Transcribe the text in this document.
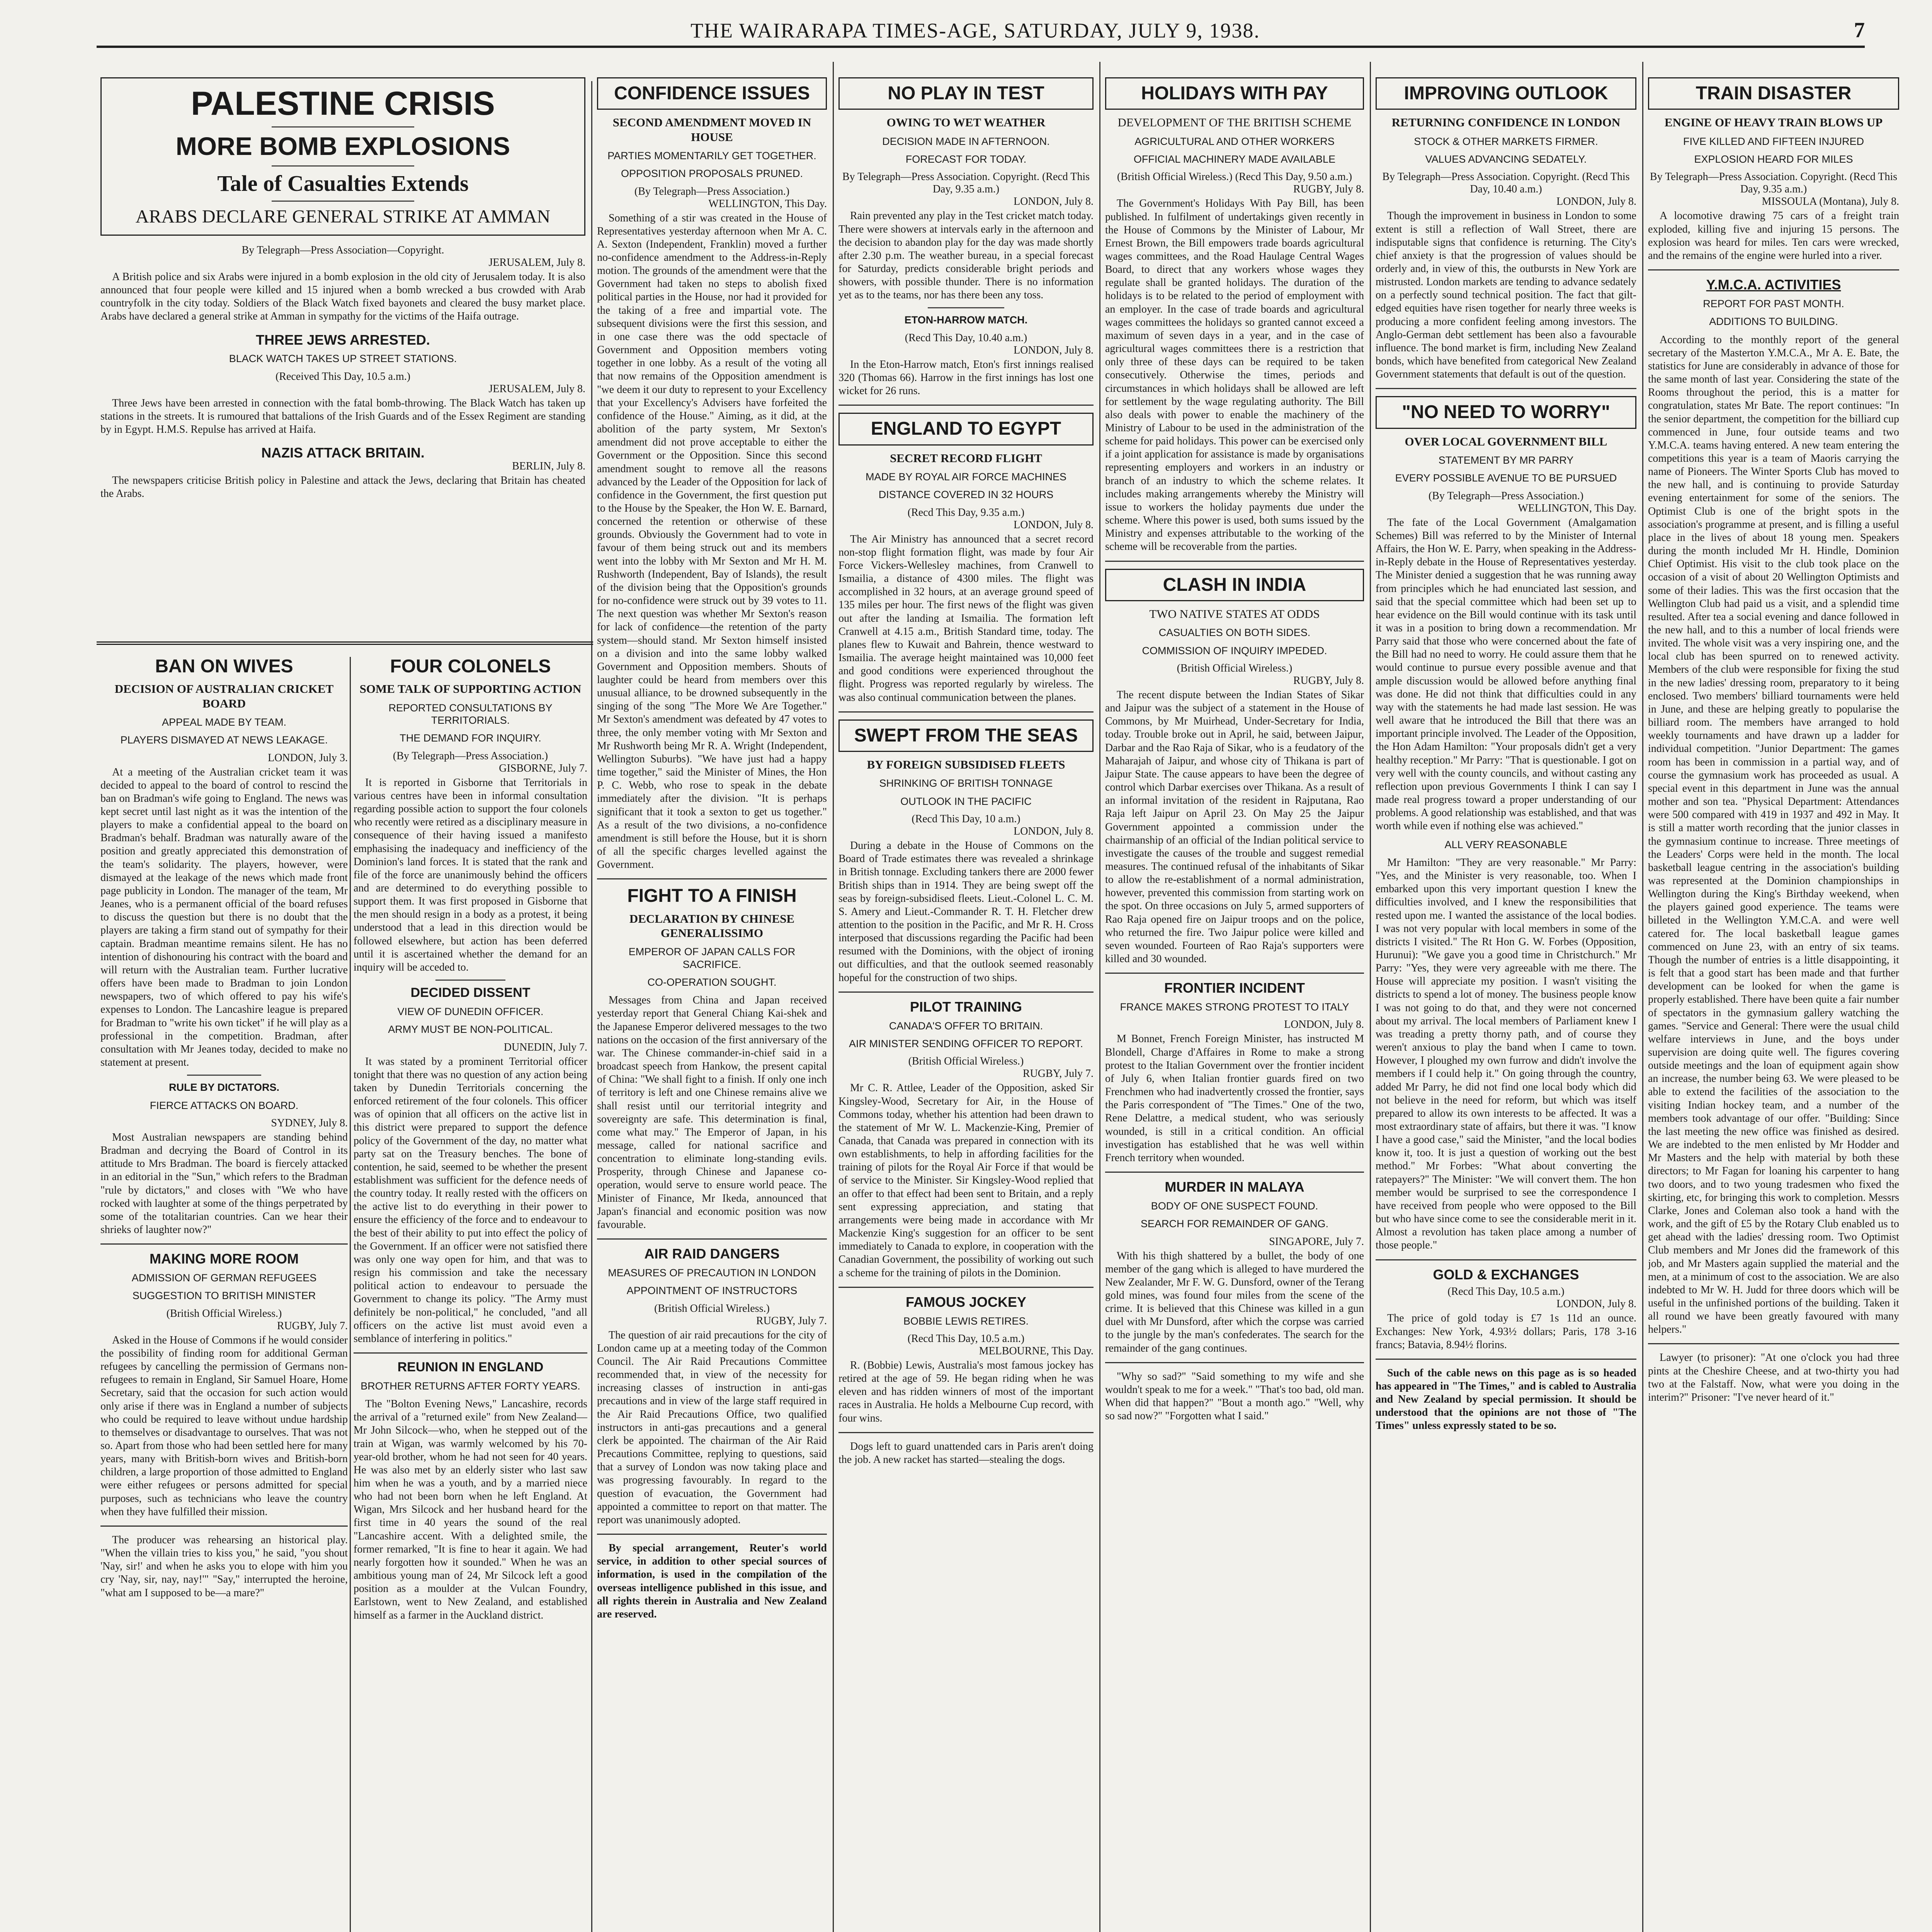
THE WAIRARAPA TIMES-AGE, SATURDAY, JULY 9, 1938.	7

PALESTINE CRISIS

MORE BOMB EXPLOSIONS

Tale of Casualties Extends

ARABS DECLARE GENERAL STRIKE AT AMMAN

By Telegraph—Press Association—Copyright.

JERUSALEM, July 8.

A British police and six Arabs were injured in a bomb explosion in the old city of Jerusalem today. It is also announced that four people were killed and 15 injured when a bomb wrecked a bus crowded with Arab countryfolk in the city today. Soldiers of the Black Watch fixed bayonets and cleared the busy market place. Arabs have declared a general strike at Amman in sympathy for the victims of the Haifa outrage.

THREE JEWS ARRESTED.

BLACK WATCH TAKES UP STREET STATIONS.

(Received This Day, 10.5 a.m.)

JERUSALEM, July 8.

Three Jews have been arrested in connection with the fatal bomb-throwing. The Black Watch has taken up stations in the streets. It is rumoured that battalions of the Irish Guards and of the Essex Regiment are standing by in Egypt. H.M.S. Repulse has arrived at Haifa.

NAZIS ATTACK BRITAIN.

BERLIN, July 8.

The newspapers criticise British policy in Palestine and attack the Jews, declaring that Britain has cheated the Arabs.

BAN ON WIVES

DECISION OF AUSTRALIAN CRICKET BOARD

APPEAL MADE BY TEAM.

PLAYERS DISMAYED AT NEWS LEAKAGE.

LONDON, July 3.

At a meeting of the Australian cricket team it was decided to appeal to the board of control to rescind the ban on Bradman's wife going to England. The news was kept secret until last night as it was the intention of the players to make a confidential appeal to the board on Bradman's behalf. Bradman was naturally aware of the position and greatly appreciated this demonstration of the team's solidarity. The players, however, were dismayed at the leakage of the news which made front page publicity in London. The manager of the team, Mr Jeanes, who is a permanent official of the board refuses to discuss the question but there is no doubt that the players are taking a firm stand out of sympathy for their captain. Bradman meantime remains silent. He has no intention of dishonouring his contract with the board and will return with the Australian team. Further lucrative offers have been made to Bradman to join London newspapers, two of which offered to pay his wife's expenses to London. The Lancashire league is prepared for Bradman to "write his own ticket" if he will play as a professional in the competition. Bradman, after consultation with Mr Jeanes today, decided to make no statement at present.

RULE BY DICTATORS.

FIERCE ATTACKS ON BOARD.

SYDNEY, July 8.

Most Australian newspapers are standing behind Bradman and decrying the Board of Control in its attitude to Mrs Bradman. The board is fiercely attacked in an editorial in the "Sun," which refers to the Bradman "rule by dictators," and closes with "We who have rocked with laughter at some of the things perpetrated by some of the totalitarian countries. Can we hear their shrieks of laughter now?"

MAKING MORE ROOM

ADMISSION OF GERMAN REFUGEES

SUGGESTION TO BRITISH MINISTER

(British Official Wireless.)

RUGBY, July 7.

Asked in the House of Commons if he would consider the possibility of finding room for additional German refugees by cancelling the permission of Germans non-refugees to remain in England, Sir Samuel Hoare, Home Secretary, said that the occasion for such action would only arise if there was in England a number of subjects who could be required to leave without undue hardship to themselves or disadvantage to ourselves. That was not so. Apart from those who had been settled here for many years, many with British-born wives and British-born children, a large proportion of those admitted to England were either refugees or persons admitted for special purposes, such as technicians who leave the country when they have fulfilled their mission.

The producer was rehearsing an historical play. "When the villain tries to kiss you," he said, "you shout 'Nay, sir!' and when he asks you to elope with him you cry 'Nay, sir, nay, nay!'" "Say," interrupted the heroine, "what am I supposed to be—a mare?"

FOUR COLONELS

SOME TALK OF SUPPORTING ACTION

REPORTED CONSULTATIONS BY TERRITORIALS.

THE DEMAND FOR INQUIRY.

(By Telegraph—Press Association.)

GISBORNE, July 7.

It is reported in Gisborne that Territorials in various centres have been in informal consultation regarding possible action to support the four colonels who recently were retired as a disciplinary measure in consequence of their having issued a manifesto emphasising the inadequacy and inefficiency of the Dominion's land forces. It is stated that the rank and file of the force are unanimously behind the officers and are determined to do everything possible to support them. It was first proposed in Gisborne that the men should resign in a body as a protest, it being understood that a lead in this direction would be followed elsewhere, but action has been deferred until it is ascertained whether the demand for an inquiry will be acceded to.

DECIDED DISSENT

VIEW OF DUNEDIN OFFICER.

ARMY MUST BE NON-POLITICAL.

DUNEDIN, July 7.

It was stated by a prominent Territorial officer tonight that there was no question of any action being taken by Dunedin Territorials concerning the enforced retirement of the four colonels. This officer was of opinion that all officers on the active list in this district were prepared to support the defence policy of the Government of the day, no matter what party sat on the Treasury benches. The bone of contention, he said, seemed to be whether the present establishment was sufficient for the defence needs of the country today. It really rested with the officers on the active list to do everything in their power to ensure the efficiency of the force and to endeavour to the best of their ability to put into effect the policy of the Government. If an officer were not satisfied there was only one way open for him, and that was to resign his commission and take the necessary political action to endeavour to persuade the Government to change its policy. "The Army must definitely be non-political," he concluded, "and all officers on the active list must avoid even a semblance of interfering in politics."

REUNION IN ENGLAND

BROTHER RETURNS AFTER FORTY YEARS.

The "Bolton Evening News," Lancashire, records the arrival of a "returned exile" from New Zealand—Mr John Silcock—who, when he stepped out of the train at Wigan, was warmly welcomed by his 70-year-old brother, whom he had not seen for 40 years. He was also met by an elderly sister who last saw him when he was a youth, and by a married niece who had not been born when he left England. At Wigan, Mrs Silcock and her husband heard for the first time in 40 years the sound of the real "Lancashire accent. With a delighted smile, the former remarked, "It is fine to hear it again. We had nearly forgotten how it sounded." When he was an ambitious young man of 24, Mr Silcock left a good position as a moulder at the Vulcan Foundry, Earlstown, went to New Zealand, and established himself as a farmer in the Auckland district.

CONFIDENCE ISSUES

SECOND AMENDMENT MOVED IN HOUSE

PARTIES MOMENTARILY GET TOGETHER.

OPPOSITION PROPOSALS PRUNED.

(By Telegraph—Press Association.)

WELLINGTON, This Day.

Something of a stir was created in the House of Representatives yesterday afternoon when Mr A. C. A. Sexton (Independent, Franklin) moved a further no-confidence amendment to the Address-in-Reply motion. The grounds of the amendment were that the Government had taken no steps to abolish fixed political parties in the House, nor had it provided for the taking of a free and impartial vote. The subsequent divisions were the first this session, and in one case there was the odd spectacle of Government and Opposition members voting together in one lobby. As a result of the voting all that now remains of the Opposition amendment is "we deem it our duty to represent to your Excellency that your Excellency's Advisers have forfeited the confidence of the House." Aiming, as it did, at the abolition of the party system, Mr Sexton's amendment did not prove acceptable to either the Government or the Opposition. Since this second amendment sought to remove all the reasons advanced by the Leader of the Opposition for lack of confidence in the Government, the first question put to the House by the Speaker, the Hon W. E. Barnard, concerned the retention or otherwise of these grounds. Obviously the Government had to vote in favour of them being struck out and its members went into the lobby with Mr Sexton and Mr H. M. Rushworth (Independent, Bay of Islands), the result of the division being that the Opposition's grounds for no-confidence were struck out by 39 votes to 11. The next question was whether Mr Sexton's reason for lack of confidence—the retention of the party system—should stand. Mr Sexton himself insisted on a division and into the same lobby walked Government and Opposition members. Shouts of laughter could be heard from members over this unusual alliance, to be drowned subsequently in the singing of the song "The More We Are Together." Mr Sexton's amendment was defeated by 47 votes to three, the only member voting with Mr Sexton and Mr Rushworth being Mr R. A. Wright (Independent, Wellington Suburbs). "We have just had a happy time together," said the Minister of Mines, the Hon P. C. Webb, who rose to speak in the debate immediately after the division. "It is perhaps significant that it took a sexton to get us together." As a result of the two divisions, a no-confidence amendment is still before the House, but it is shorn of all the specific charges levelled against the Government.

FIGHT TO A FINISH

DECLARATION BY CHINESE GENERALISSIMO

EMPEROR OF JAPAN CALLS FOR SACRIFICE.

CO-OPERATION SOUGHT.

Messages from China and Japan received yesterday report that General Chiang Kai-shek and the Japanese Emperor delivered messages to the two nations on the occasion of the first anniversary of the war. The Chinese commander-in-chief said in a broadcast speech from Hankow, the present capital of China: "We shall fight to a finish. If only one inch of territory is left and one Chinese remains alive we shall resist until our territorial integrity and sovereignty are safe. This determination is final, come what may." The Emperor of Japan, in his message, called for national sacrifice and concentration to eliminate long-standing evils. Prosperity, through Chinese and Japanese co-operation, would serve to ensure world peace. The Minister of Finance, Mr Ikeda, announced that Japan's financial and economic position was now favourable.

AIR RAID DANGERS

MEASURES OF PRECAUTION IN LONDON

APPOINTMENT OF INSTRUCTORS

(British Official Wireless.)

RUGBY, July 7.

The question of air raid precautions for the city of London came up at a meeting today of the Common Council. The Air Raid Precautions Committee recommended that, in view of the necessity for increasing classes of instruction in anti-gas precautions and in view of the large staff required in the Air Raid Precautions Office, two qualified instructors in anti-gas precautions and a general clerk be appointed. The chairman of the Air Raid Precautions Committee, replying to questions, said that a survey of London was now taking place and was progressing favourably. In regard to the question of evacuation, the Government had appointed a committee to report on that matter. The report was unanimously adopted.

By special arrangement, Reuter's world service, in addition to other special sources of information, is used in the compilation of the overseas intelligence published in this issue, and all rights therein in Australia and New Zealand are reserved.

NO PLAY IN TEST

OWING TO WET WEATHER

DECISION MADE IN AFTERNOON.

FORECAST FOR TODAY.

By Telegraph—Press Association. Copyright. (Recd This Day, 9.35 a.m.)

LONDON, July 8.

Rain prevented any play in the Test cricket match today. There were showers at intervals early in the afternoon and the decision to abandon play for the day was made shortly after 2.30 p.m. The weather bureau, in a special forecast for Saturday, predicts considerable bright periods and showers, with possible thunder. There is no information yet as to the teams, nor has there been any toss.

ETON-HARROW MATCH.

(Recd This Day, 10.40 a.m.)

LONDON, July 8.

In the Eton-Harrow match, Eton's first innings realised 320 (Thomas 66). Harrow in the first innings has lost one wicket for 26 runs.

ENGLAND TO EGYPT

SECRET RECORD FLIGHT

MADE BY ROYAL AIR FORCE MACHINES

DISTANCE COVERED IN 32 HOURS

(Recd This Day, 9.35 a.m.)

LONDON, July 8.

The Air Ministry has announced that a secret record non-stop flight formation flight, was made by four Air Force Vickers-Wellesley machines, from Cranwell to Ismailia, a distance of 4300 miles. The flight was accomplished in 32 hours, at an average ground speed of 135 miles per hour. The first news of the flight was given out after the landing at Ismailia. The formation left Cranwell at 4.15 a.m., British Standard time, today. The planes flew to Kuwait and Bahrein, thence westward to Ismailia. The average height maintained was 10,000 feet and good conditions were experienced throughout the flight. Progress was reported regularly by wireless. The was also continual communication between the planes.

SWEPT FROM THE SEAS

BY FOREIGN SUBSIDISED FLEETS

SHRINKING OF BRITISH TONNAGE

OUTLOOK IN THE PACIFIC

(Recd This Day, 10 a.m.)

LONDON, July 8.

During a debate in the House of Commons on the Board of Trade estimates there was revealed a shrinkage in British tonnage. Excluding tankers there are 2000 fewer British ships than in 1914. They are being swept off the seas by foreign-subsidised fleets. Lieut.-Colonel L. C. M. S. Amery and Lieut.-Commander R. T. H. Fletcher drew attention to the position in the Pacific, and Mr R. H. Cross interposed that discussions regarding the Pacific had been resumed with the Dominions, with the object of ironing out difficulties, and that the outlook seemed reasonably hopeful for the construction of two ships.

PILOT TRAINING

CANADA'S OFFER TO BRITAIN.

AIR MINISTER SENDING OFFICER TO REPORT.

(British Official Wireless.)

RUGBY, July 7.

Mr C. R. Attlee, Leader of the Opposition, asked Sir Kingsley-Wood, Secretary for Air, in the House of Commons today, whether his attention had been drawn to the statement of Mr W. L. Mackenzie-King, Premier of Canada, that Canada was prepared in connection with its own establishments, to help in affording facilities for the training of pilots for the Royal Air Force if that would be of service to the Minister. Sir Kingsley-Wood replied that an offer to that effect had been sent to Britain, and a reply sent expressing appreciation, and stating that arrangements were being made in accordance with Mr Mackenzie King's suggestion for an officer to be sent immediately to Canada to explore, in cooperation with the Canadian Government, the possibility of working out such a scheme for the training of pilots in the Dominion.

FAMOUS JOCKEY

BOBBIE LEWIS RETIRES.

(Recd This Day, 10.5 a.m.)

MELBOURNE, This Day.

R. (Bobbie) Lewis, Australia's most famous jockey has retired at the age of 59. He began riding when he was eleven and has ridden winners of most of the important races in Australia. He holds a Melbourne Cup record, with four wins.

Dogs left to guard unattended cars in Paris aren't doing the job. A new racket has started—stealing the dogs.

HOLIDAYS WITH PAY

DEVELOPMENT OF THE BRITISH SCHEME

AGRICULTURAL AND OTHER WORKERS

OFFICIAL MACHINERY MADE AVAILABLE

(British Official Wireless.) (Recd This Day, 9.50 a.m.)

RUGBY, July 8.

The Government's Holidays With Pay Bill, has been published. In fulfilment of undertakings given recently in the House of Commons by the Minister of Labour, Mr Ernest Brown, the Bill empowers trade boards agricultural wages committees, and the Road Haulage Central Wages Board, to direct that any workers whose wages they regulate shall be granted holidays. The duration of the holidays is to be related to the period of employment with an employer. In the case of trade boards and agricultural wages committees the holidays so granted cannot exceed a maximum of seven days in a year, and in the case of agricultural wages committees there is a restriction that only three of these days can be required to be taken consecutively. Otherwise the times, periods and circumstances in which holidays shall be allowed are left for settlement by the wage regulating authority. The Bill also deals with power to enable the machinery of the Ministry of Labour to be used in the administration of the scheme for paid holidays. This power can be exercised only if a joint application for assistance is made by organisations representing employers and workers in an industry or branch of an industry to which the scheme relates. It includes making arrangements whereby the Ministry will issue to workers the holiday payments due under the scheme. Where this power is used, both sums issued by the Ministry and expenses attributable to the working of the scheme will be recoverable from the parties.

CLASH IN INDIA

TWO NATIVE STATES AT ODDS

CASUALTIES ON BOTH SIDES.

COMMISSION OF INQUIRY IMPEDED.

(British Official Wireless.)

RUGBY, July 8.

The recent dispute between the Indian States of Sikar and Jaipur was the subject of a statement in the House of Commons, by Mr Muirhead, Under-Secretary for India, today. Trouble broke out in April, he said, between Jaipur, Darbar and the Rao Raja of Sikar, who is a feudatory of the Maharajah of Jaipur, and whose city of Thikana is part of Jaipur State. The cause appears to have been the degree of control which Darbar exercises over Thikana. As a result of an informal invitation of the resident in Rajputana, Rao Raja left Jaipur on April 23. On May 25 the Jaipur Government appointed a commission under the chairmanship of an official of the Indian political service to investigate the causes of the trouble and suggest remedial measures. The continued refusal of the inhabitants of Sikar to allow the re-establishment of a normal administration, however, prevented this commission from starting work on the spot. On three occasions on July 5, armed supporters of Rao Raja opened fire on Jaipur troops and on the police, who returned the fire. Two Jaipur police were killed and seven wounded. Fourteen of Rao Raja's supporters were killed and 30 wounded.

FRONTIER INCIDENT

FRANCE MAKES STRONG PROTEST TO ITALY

LONDON, July 8.

M Bonnet, French Foreign Minister, has instructed M Blondell, Charge d'Affaires in Rome to make a strong protest to the Italian Government over the frontier incident of July 6, when Italian frontier guards fired on two Frenchmen who had inadvertently crossed the frontier, says the Paris correspondent of "The Times." One of the two, Rene Delattre, a medical student, who was seriously wounded, is still in a critical condition. An official investigation has established that he was well within French territory when wounded.

MURDER IN MALAYA

BODY OF ONE SUSPECT FOUND.

SEARCH FOR REMAINDER OF GANG.

SINGAPORE, July 7.

With his thigh shattered by a bullet, the body of one member of the gang which is alleged to have murdered the New Zealander, Mr F. W. G. Dunsford, owner of the Terang gold mines, was found four miles from the scene of the crime. It is believed that this Chinese was killed in a gun duel with Mr Dunsford, after which the corpse was carried to the jungle by the man's confederates. The search for the remainder of the gang continues.

"Why so sad?" "Said something to my wife and she wouldn't speak to me for a week." "That's too bad, old man. When did that happen?" "Bout a month ago." "Well, why so sad now?" "Forgotten what I said."

IMPROVING OUTLOOK

RETURNING CONFIDENCE IN LONDON

STOCK & OTHER MARKETS FIRMER.

VALUES ADVANCING SEDATELY.

By Telegraph—Press Association. Copyright. (Recd This Day, 10.40 a.m.)

LONDON, July 8.

Though the improvement in business in London to some extent is still a reflection of Wall Street, there are indisputable signs that confidence is returning. The City's chief anxiety is that the progression of values should be orderly and, in view of this, the outbursts in New York are mistrusted. London markets are tending to advance sedately on a perfectly sound technical position. The fact that gilt-edged equities have risen together for nearly three weeks is producing a more confident feeling among investors. The Anglo-German debt settlement has been also a favourable influence. The bond market is firm, including New Zealand bonds, which have benefited from categorical New Zealand Government statements that default is out of the question.

"NO NEED TO WORRY"

OVER LOCAL GOVERNMENT BILL

STATEMENT BY MR PARRY

EVERY POSSIBLE AVENUE TO BE PURSUED

(By Telegraph—Press Association.)

WELLINGTON, This Day.

The fate of the Local Government (Amalgamation Schemes) Bill was referred to by the Minister of Internal Affairs, the Hon W. E. Parry, when speaking in the Address-in-Reply debate in the House of Representatives yesterday. The Minister denied a suggestion that he was running away from principles which he had enunciated last session, and said that the special committee which had been set up to hear evidence on the Bill would continue with its task until it was in a position to bring down a recommendation. Mr Parry said that those who were concerned about the fate of the Bill had no need to worry. He could assure them that he would continue to pursue every possible avenue and that ample discussion would be allowed before anything final was done. He did not think that difficulties could in any way with the statements he had made last session. He was well aware that he introduced the Bill that there was an important principle involved. The Leader of the Opposition, the Hon Adam Hamilton: "Your proposals didn't get a very healthy reception." Mr Parry: "That is questionable. I got on very well with the county councils, and without casting any reflection upon previous Governments I think I can say I made real progress toward a proper understanding of our problems. A good relationship was established, and that was worth while even if nothing else was achieved."

ALL VERY REASONABLE

Mr Hamilton: "They are very reasonable." Mr Parry: "Yes, and the Minister is very reasonable, too. When I embarked upon this very important question I knew the difficulties involved, and I knew the responsibilities that rested upon me. I wanted the assistance of the local bodies. I was not very popular with local members in some of the districts I visited." The Rt Hon G. W. Forbes (Opposition, Hurunui): "We gave you a good time in Christchurch." Mr Parry: "Yes, they were very agreeable with me there. The House will appreciate my position. I wasn't visiting the districts to spend a lot of money. The business people know I was not going to do that, and they were not concerned about my arrival. The local members of Parliament knew I was treading a pretty thorny path, and of course they weren't anxious to play the band when I came to town. However, I ploughed my own furrow and didn't involve the members if I could help it." On going through the country, added Mr Parry, he did not find one local body which did not believe in the need for reform, but which was itself prepared to allow its own interests to be affected. It was a most extraordinary state of affairs, but there it was. "I know I have a good case," said the Minister, "and the local bodies know it, too. It is just a question of working out the best method." Mr Forbes: "What about converting the ratepayers?" The Minister: "We will convert them. The hon member would be surprised to see the correspondence I have received from people who were opposed to the Bill but who have since come to see the considerable merit in it. Almost a revolution has taken place among a number of those people."

GOLD & EXCHANGES

(Recd This Day, 10.5 a.m.)

LONDON, July 8.

The price of gold today is £7 1s 11d an ounce. Exchanges: New York, 4.93½ dollars; Paris, 178 3-16 francs; Batavia, 8.94½ florins.

Such of the cable news on this page as is so headed has appeared in "The Times," and is cabled to Australia and New Zealand by special permission. It should be understood that the opinions are not those of "The Times" unless expressly stated to be so.

TRAIN DISASTER

ENGINE OF HEAVY TRAIN BLOWS UP

FIVE KILLED AND FIFTEEN INJURED

EXPLOSION HEARD FOR MILES

By Telegraph—Press Association. Copyright. (Recd This Day, 9.35 a.m.)

MISSOULA (Montana), July 8.

A locomotive drawing 75 cars of a freight train exploded, killing five and injuring 15 persons. The explosion was heard for miles. Ten cars were wrecked, and the remains of the engine were hurled into a river.

Y.M.C.A. ACTIVITIES

REPORT FOR PAST MONTH.

ADDITIONS TO BUILDING.

According to the monthly report of the general secretary of the Masterton Y.M.C.A., Mr A. E. Bate, the statistics for June are considerably in advance of those for the same month of last year. Considering the state of the Rooms throughout the period, this is a matter for congratulation, states Mr Bate. The report continues: "In the senior department, the competition for the billiard cup commenced in June, four outside teams and two Y.M.C.A. teams having entered. A new team entering the competitions this year is a team of Maoris carrying the name of Pioneers. The Winter Sports Club has moved to the new hall, and is continuing to provide Saturday evening entertainment for some of the seniors. The Optimist Club is one of the bright spots in the association's programme at present, and is filling a useful place in the lives of about 18 young men. Speakers during the month included Mr H. Hindle, Dominion Chief Optimist. His visit to the club took place on the occasion of a visit of about 20 Wellington Optimists and some of their ladies. This was the first occasion that the Wellington Club had paid us a visit, and a splendid time resulted. After tea a social evening and dance followed in the new hall, and to this a number of local friends were invited. The whole visit was a very inspiring one, and the local club has been spurred on to renewed activity. Members of the club were responsible for fixing the stud in the new ladies' dressing room, preparatory to it being enclosed. Two members' billiard tournaments were held in June, and these are helping greatly to popularise the billiard room. The members have arranged to hold weekly tournaments and have drawn up a ladder for individual competition. "Junior Department: The games room has been in commission in a partial way, and of course the gymnasium work has proceeded as usual. A special event in this department in June was the annual mother and son tea. "Physical Department: Attendances were 500 compared with 419 in 1937 and 492 in May. It is still a matter worth recording that the junior classes in the gymnasium continue to increase. Three meetings of the Leaders' Corps were held in the month. The local basketball league centring in the association's building was represented at the Dominion championships in Wellington during the King's Birthday weekend, when the players gained good experience. The teams were billeted in the Wellington Y.M.C.A. and were well catered for. The local basketball league games commenced on June 23, with an entry of six teams. Though the number of entries is a little disappointing, it is felt that a good start has been made and that further development can be looked for when the game is properly established. There have been quite a fair number of spectators in the gymnasium gallery watching the games. "Service and General: There were the usual child welfare interviews in June, and the boys under supervision are doing quite well. The figures covering outside meetings and the loan of equipment again show an increase, the number being 63. We were pleased to be able to extend the facilities of the association to the visiting Indian hockey team, and a number of the members took advantage of our offer. "Building: Since the last meeting the new office was finished as desired. We are indebted to the men enlisted by Mr Hodder and Mr Masters and the help with material by both these directors; to Mr Fagan for loaning his carpenter to hang two doors, and to two young tradesmen who fixed the skirting, etc, for bringing this work to completion. Messrs Clarke, Jones and Coleman also took a hand with the work, and the gift of £5 by the Rotary Club enabled us to get ahead with the ladies' dressing room. Two Optimist Club members and Mr Jones did the framework of this job, and Mr Masters again supplied the material and the men, at a minimum of cost to the association. We are also indebted to Mr W. H. Judd for three doors which will be useful in the unfinished portions of the building. Taken it all round we have been greatly favoured with many helpers."

Lawyer (to prisoner): "At one o'clock you had three pints at the Cheshire Cheese, and at two-thirty you had two at the Falstaff. Now, what were you doing in the interim?" Prisoner: "I've never heard of it."
